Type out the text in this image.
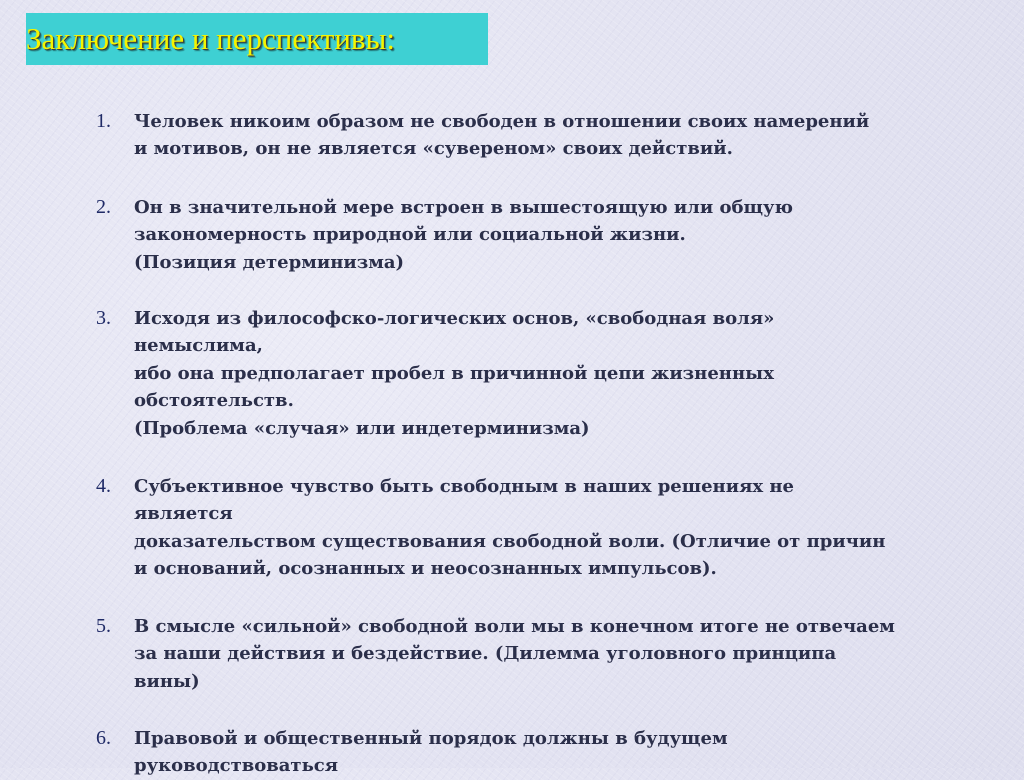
Заключение и перспективы:
1.	Человек никоим образом не свободен в отношении своих намерений
и мотивов, он не является «сувереном» своих действий.
2.	Он в значительной мере встроен в вышестоящую или общую
закономерность природной или социальной жизни.
(Позиция детерминизма)
3.	Исходя из философско-логических основ, «свободная воля»
немыслима,
ибо она предполагает пробел в причинной цепи жизненных
обстоятельств.
(Проблема «случая» или индетерминизма)
4.	Субъективное чувство быть свободным в наших решениях не
является
доказательством существования свободной воли. (Отличие от причин
и оснований, осознанных и неосознанных импульсов).
5.	В смысле «сильной» свободной воли мы в конечном итоге не отвечаем
за наши действия и бездействие. (Дилемма уголовного принципа
вины)
6.	Правовой и общественный порядок должны в будущем
руководствоваться
